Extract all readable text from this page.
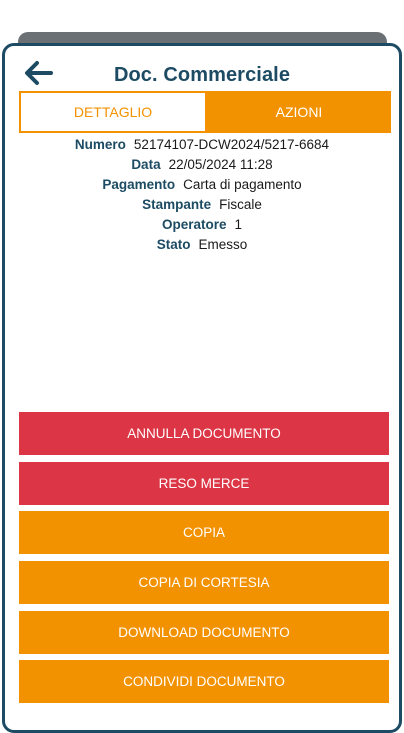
Doc. Commerciale
DETTAGLIO	AZIONI
Numero 52174107-DCW2024/5217-6684
Data 22/05/2024 11:28
Pagamento Carta di pagamento
Stampante Fiscale
Operatore 1
Stato Emesso
ANNULLA DOCUMENTO
RESO MERCE
COPIA
COPIA DI CORTESIA
DOWNLOAD DOCUMENTO
CONDIVIDI DOCUMENTO
